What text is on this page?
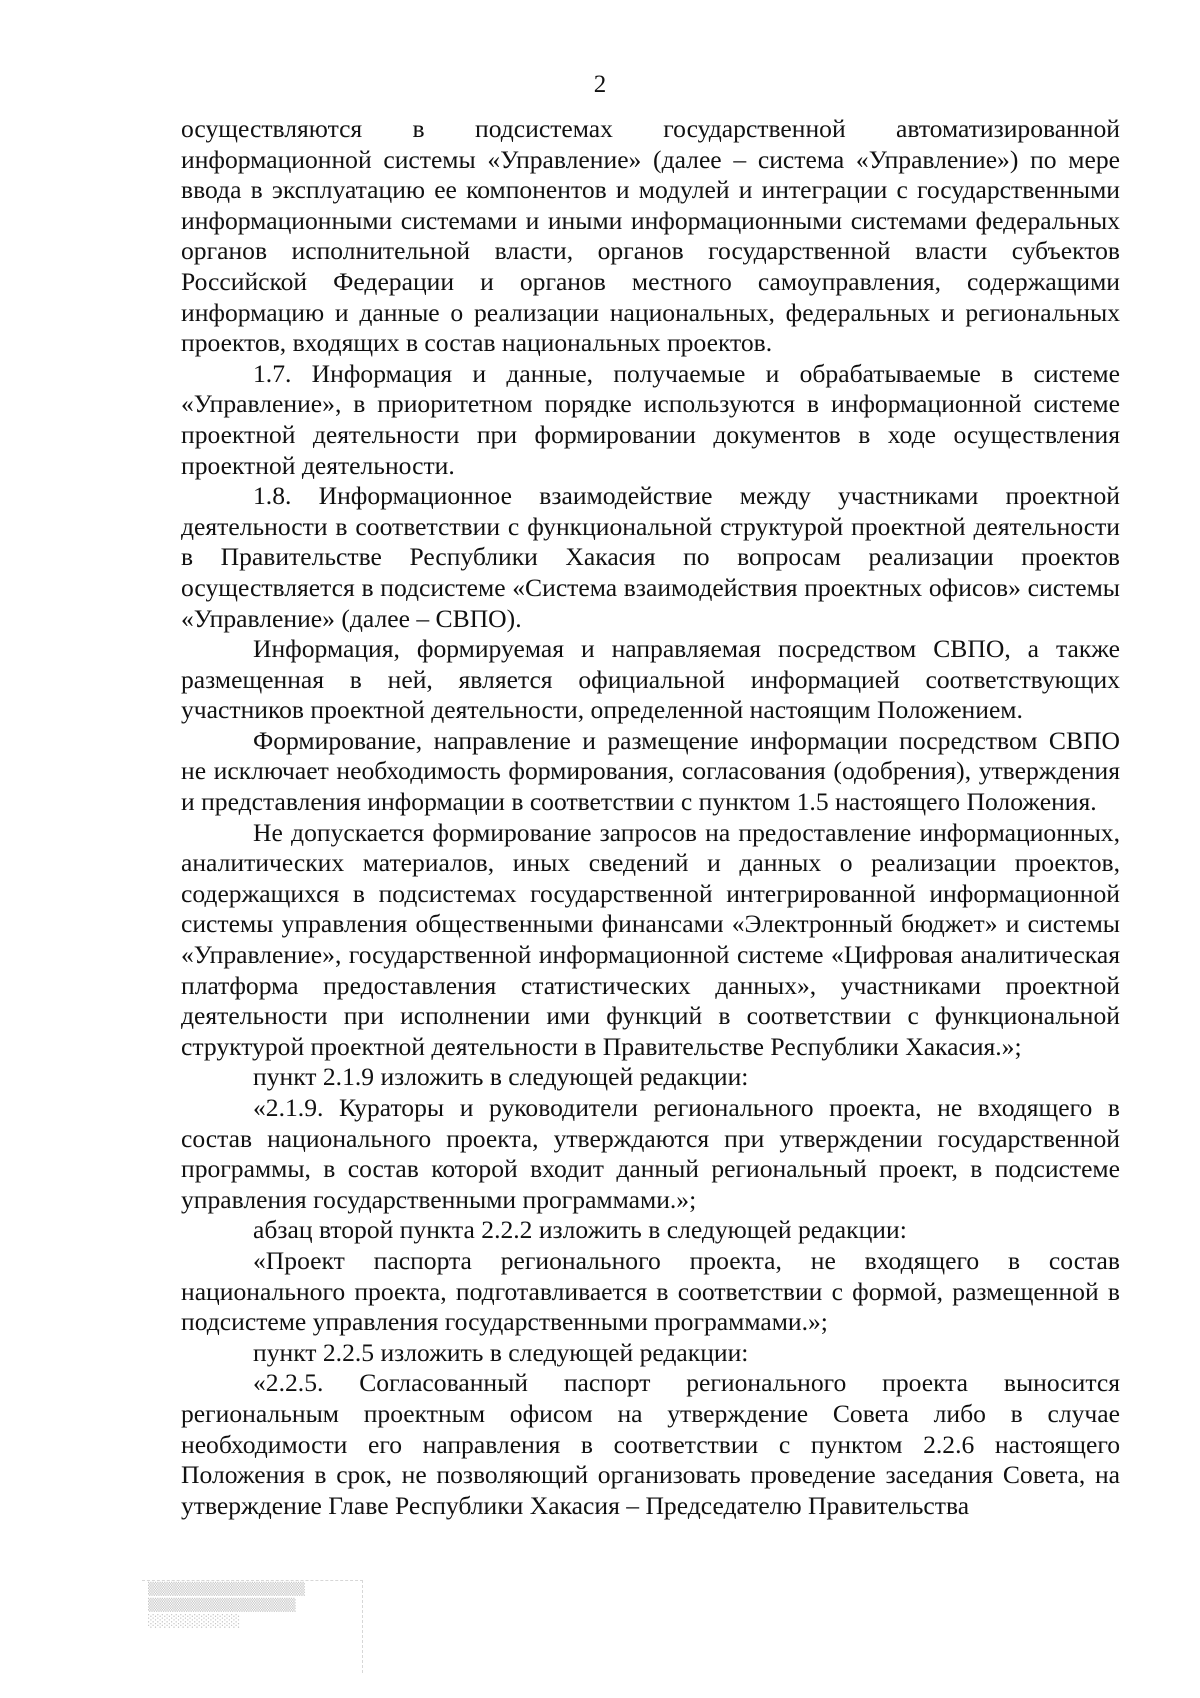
2

осуществляются в подсистемах государственной автоматизированной информационной системы «Управление» (далее – система «Управление») по мере ввода в эксплуатацию ее компонентов и модулей и интеграции с государственными информационными системами и иными информационными системами федеральных органов исполнительной власти, органов государственной власти субъектов Российской Федерации и органов местного самоуправления, содержащими информацию и данные о реализации национальных, федеральных и региональных проектов, входящих в состав национальных проектов.

1.7. Информация и данные, получаемые и обрабатываемые в системе «Управление», в приоритетном порядке используются в информационной системе проектной деятельности при формировании документов в ходе осуществления проектной деятельности.

1.8. Информационное взаимодействие между участниками проектной деятельности в соответствии с функциональной структурой проектной деятельности в Правительстве Республики Хакасия по вопросам реализации проектов осуществляется в подсистеме «Система взаимодействия проектных офисов» системы «Управление» (далее – СВПО).

Информация, формируемая и направляемая посредством СВПО, а также размещенная в ней, является официальной информацией соответствующих участников проектной деятельности, определенной настоящим Положением.

Формирование, направление и размещение информации посредством СВПО не исключает необходимость формирования, согласования (одобрения), утверждения и представления информации в соответствии с пунктом 1.5 настоящего Положения.

Не допускается формирование запросов на предоставление информационных, аналитических материалов, иных сведений и данных о реализации проектов, содержащихся в подсистемах государственной интегрированной информационной системы управления общественными финансами «Электронный бюджет» и системы «Управление», государственной информационной системе «Цифровая аналитическая платформа предоставления статистических данных», участниками проектной деятельности при исполнении ими функций в соответствии с функциональной структурой проектной деятельности в Правительстве Республики Хакасия.»;

пункт 2.1.9 изложить в следующей редакции:

«2.1.9. Кураторы и руководители регионального проекта, не входящего в состав национального проекта, утверждаются при утверждении государственной программы, в состав которой входит данный региональный проект, в подсистеме управления государственными программами.»;

абзац второй пункта 2.2.2 изложить в следующей редакции:

«Проект паспорта регионального проекта, не входящего в состав национального проекта, подготавливается в соответствии с формой, размещенной в подсистеме управления государственными программами.»;

пункт 2.2.5 изложить в следующей редакции:

«2.2.5. Согласованный паспорт регионального проекта выносится региональным проектным офисом на утверждение Совета либо в случае необходимости его направления в соответствии с пунктом 2.2.6 настоящего Положения в срок, не позволяющий организовать проведение заседания Совета, на утверждение Главе Республики Хакасия – Председателю Правительства

▒▒▒▒▒▒▒▒▒▒▒▒▒▒▒▒▒
▒▒▒▒▒▒▒▒▒▒▒▒▒▒▒▒
░░░░░░░░░░
